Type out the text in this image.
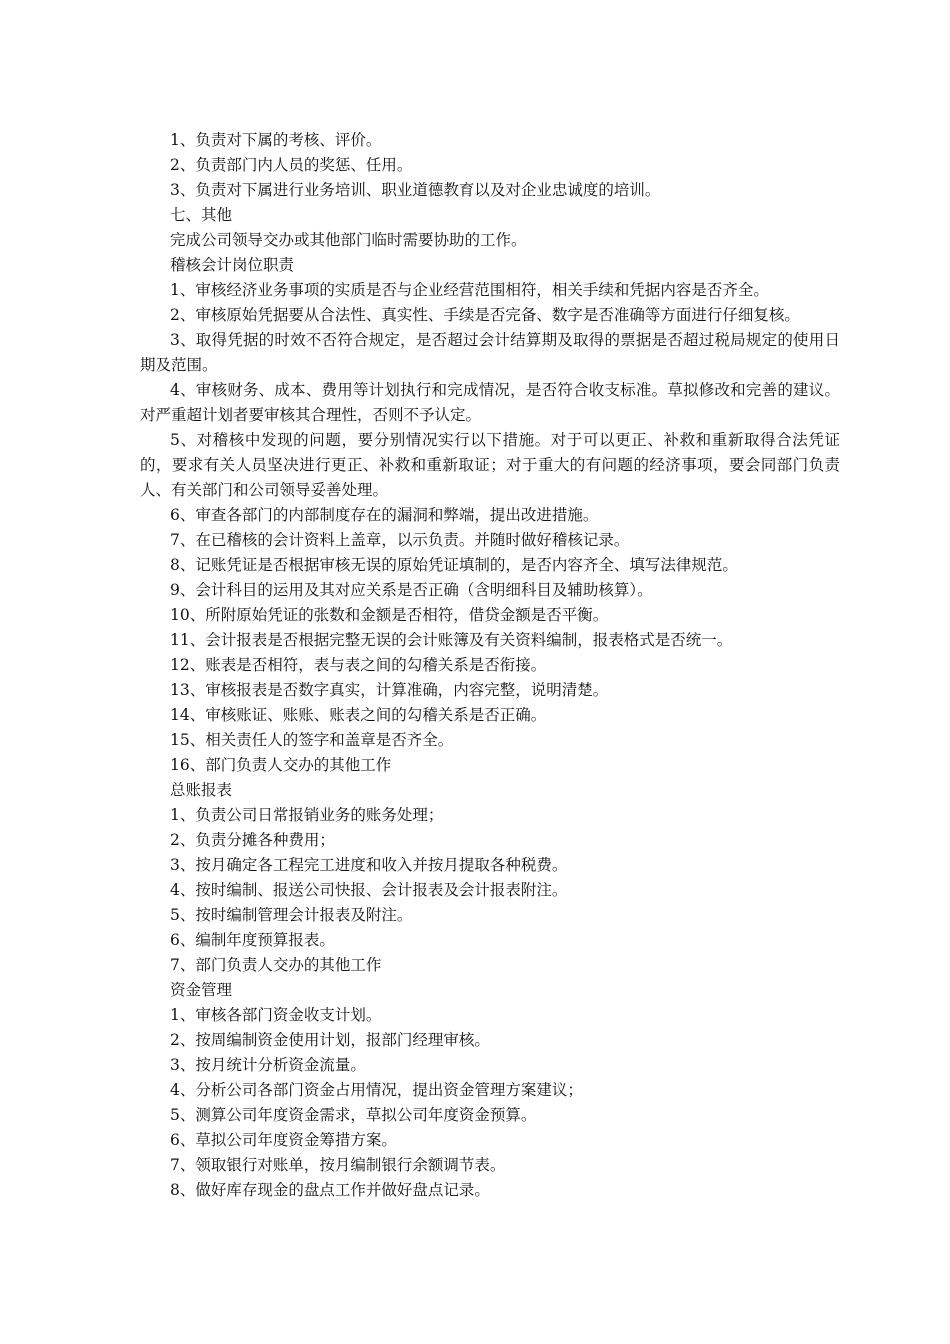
1、负责对下属的考核、评价。

2、负责部门内人员的奖惩、任用。

3、负责对下属进行业务培训、职业道德教育以及对企业忠诚度的培训。

七、其他

完成公司领导交办或其他部门临时需要协助的工作。

稽核会计岗位职责

1、审核经济业务事项的实质是否与企业经营范围相符，相关手续和凭据内容是否齐全。

2、审核原始凭据要从合法性、真实性、手续是否完备、数字是否准确等方面进行仔细复核。

3、取得凭据的时效不否符合规定，是否超过会计结算期及取得的票据是否超过税局规定的使用日期及范围。

4、审核财务、成本、费用等计划执行和完成情况，是否符合收支标准。草拟修改和完善的建议。对严重超计划者要审核其合理性，否则不予认定。

5、对稽核中发现的问题，要分别情况实行以下措施。对于可以更正、补救和重新取得合法凭证的，要求有关人员坚决进行更正、补救和重新取证；对于重大的有问题的经济事项，要会同部门负责人、有关部门和公司领导妥善处理。

6、审查各部门的内部制度存在的漏洞和弊端，提出改进措施。

7、在已稽核的会计资料上盖章，以示负责。并随时做好稽核记录。

8、记账凭证是否根据审核无误的原始凭证填制的，是否内容齐全、填写法律规范。

9、会计科目的运用及其对应关系是否正确（含明细科目及辅助核算）。

10、所附原始凭证的张数和金额是否相符，借贷金额是否平衡。

11、会计报表是否根据完整无误的会计账簿及有关资料编制，报表格式是否统一。

12、账表是否相符，表与表之间的勾稽关系是否衔接。

13、审核报表是否数字真实，计算准确，内容完整，说明清楚。

14、审核账证、账账、账表之间的勾稽关系是否正确。

15、相关责任人的签字和盖章是否齐全。

16、部门负责人交办的其他工作

总账报表

1、负责公司日常报销业务的账务处理；

2、负责分摊各种费用；

3、按月确定各工程完工进度和收入并按月提取各种税费。

4、按时编制、报送公司快报、会计报表及会计报表附注。

5、按时编制管理会计报表及附注。

6、编制年度预算报表。

7、部门负责人交办的其他工作

资金管理

1、审核各部门资金收支计划。

2、按周编制资金使用计划，报部门经理审核。

3、按月统计分析资金流量。

4、分析公司各部门资金占用情况，提出资金管理方案建议；

5、测算公司年度资金需求，草拟公司年度资金预算。

6、草拟公司年度资金筹措方案。

7、领取银行对账单，按月编制银行余额调节表。

8、做好库存现金的盘点工作并做好盘点记录。
